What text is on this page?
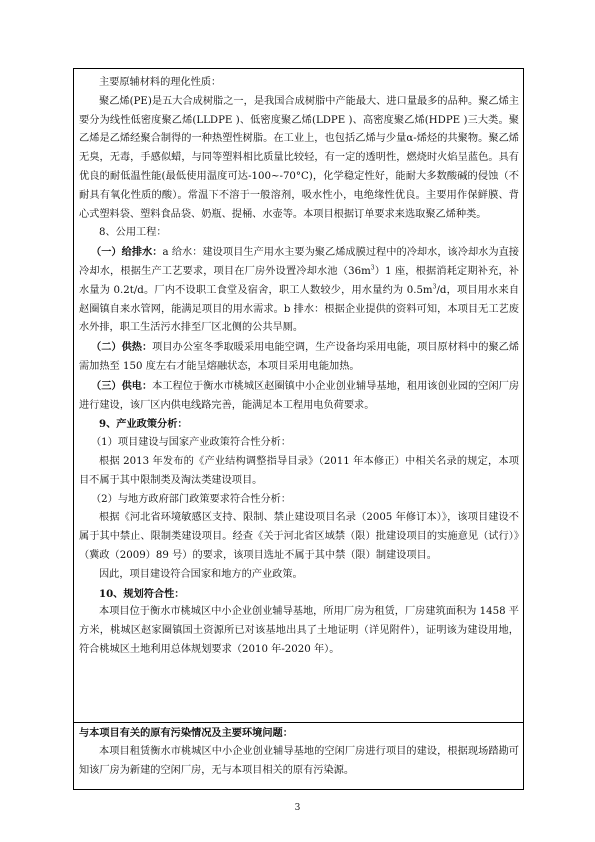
主要原辅材料的理化性质：

聚乙烯(PE)是五大合成树脂之一，是我国合成树脂中产能最大、进口量最多的品种。聚乙烯主要分为线性低密度聚乙烯(LLDPE )、低密度聚乙烯(LDPE )、高密度聚乙烯(HDPE )三大类。聚乙烯是乙烯经聚合制得的一种热塑性树脂。在工业上，也包括乙烯与少量α-烯烃的共聚物。聚乙烯无臭，无毒，手感似蜡，与同等塑料相比质量比较轻，有一定的透明性，燃烧时火焰呈蓝色。具有优良的耐低温性能(最低使用温度可达-100~-70°C)，化学稳定性好，能耐大多数酸碱的侵蚀（不耐具有氧化性质的酸）。常温下不溶于一般溶剂，吸水性小，电绝缘性优良。主要用作保鲜膜、背心式塑料袋、塑料食品袋、奶瓶、提桶、水壶等。本项目根据订单要求来选取聚乙烯种类。

8、公用工程：

（一）给排水：a 给水：建设项目生产用水主要为聚乙烯成膜过程中的冷却水，该冷却水为直接冷却水，根据生产工艺要求，项目在厂房外设置冷却水池$(36m^3)1$ 座，根据消耗定期补充，补水量为 0.2t/d。厂内不设职工食堂及宿舍，职工人数较少，用水量约为 $0.5m^3/d$，项目用水来自赵圈镇自来水管网，能满足项目的用水需求。b 排水：根据企业提供的资料可知，本项目无工艺废水外排，职工生活污水排至厂区北侧的公共旱厕。

（二）供热：项目办公室冬季取暖采用电能空调，生产设备均采用电能，项目原材料中的聚乙烯需加热至 150 度左右才能呈熔融状态，本项目采用电能加热。

（三）供电：本工程位于衡水市桃城区赵圈镇中小企业创业辅导基地，租用该创业园的空闲厂房进行建设，该厂区内供电线路完善，能满足本工程用电负荷要求。

9、产业政策分析：

（1）项目建设与国家产业政策符合性分析：

根据 2013 年发布的《产业结构调整指导目录》（2011 年本修正）中相关名录的规定，本项目不属于其中限制类及淘汰类建设项目。

（2）与地方政府部门政策要求符合性分析：

根据《河北省环境敏感区支持、限制、禁止建设项目名录（2005 年修订本）》，该项目建设不属于其中禁止、限制类建设项目。经查《关于河北省区域禁（限）批建设项目的实施意见（试行）》（冀政（2009）89 号）的要求，该项目选址不属于其中禁（限）制建设项目。

因此，项目建设符合国家和地方的产业政策。

10、规划符合性：

本项目位于衡水市桃城区中小企业创业辅导基地，所用厂房为租赁，厂房建筑面积为 1458 平方米，桃城区赵家圈镇国土资源所已对该基地出具了土地证明（详见附件），证明该为建设用地，符合桃城区土地利用总体规划要求（2010 年-2020 年）。

与本项目有关的原有污染情况及主要环境问题：

本项目租赁衡水市桃城区中小企业创业辅导基地的空闲厂房进行项目的建设，根据现场踏勘可知该厂房为新建的空闲厂房，无与本项目相关的原有污染源。

3
